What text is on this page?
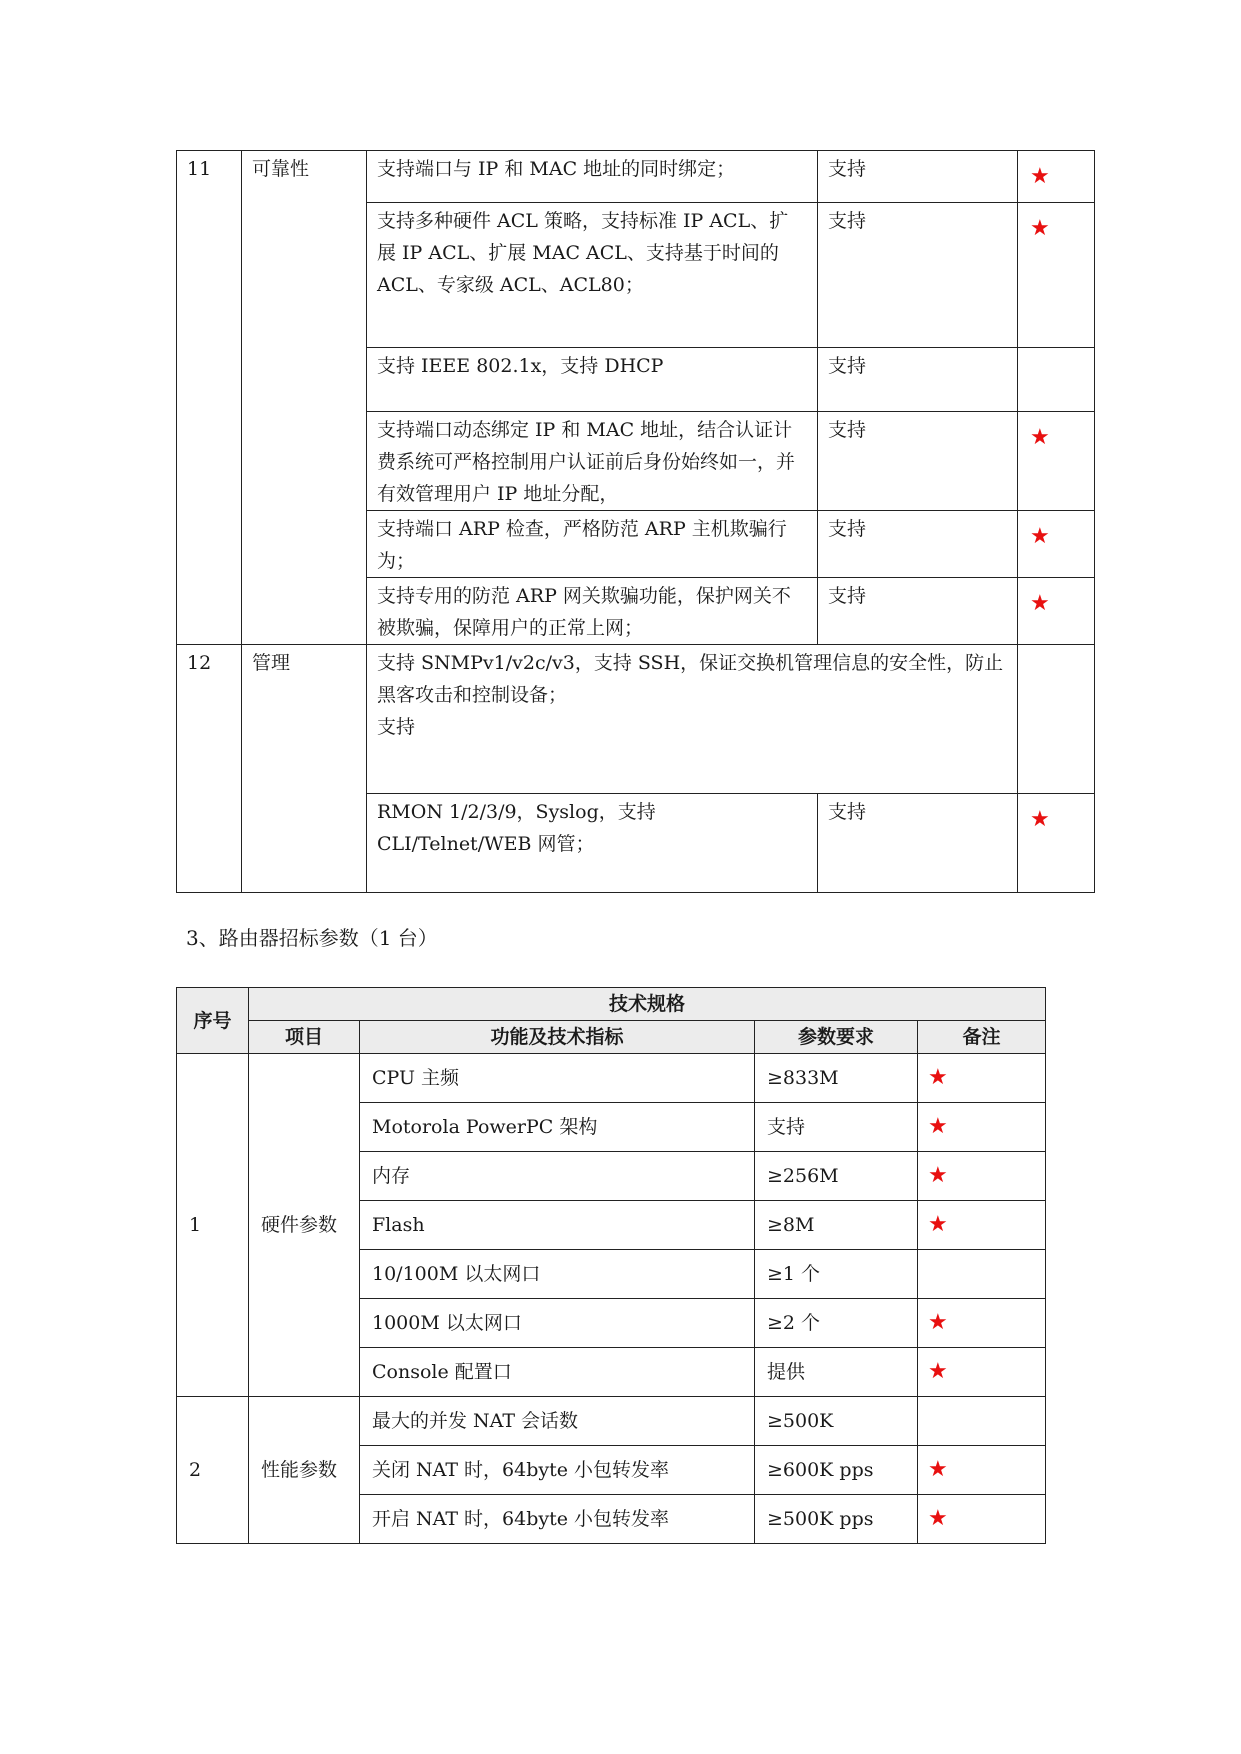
11	可靠性	支持端口与 IP 和 MAC 地址的同时绑定；	支持	★
		支持多种硬件 ACL 策略，支持标准 IP ACL、扩展 IP ACL、扩展 MAC ACL、支持基于时间的 ACL、专家级 ACL、ACL80；	支持	★
		支持 IEEE 802.1x，支持 DHCP	支持	
		支持端口动态绑定 IP 和 MAC 地址，结合认证计费系统可严格控制用户认证前后身份始终如一，并有效管理用户 IP 地址分配，	支持	★
		支持端口 ARP 检查，严格防范 ARP 主机欺骗行为；	支持	★
		支持专用的防范 ARP 网关欺骗功能，保护网关不被欺骗，保障用户的正常上网；	支持	★
12	管理	支持 SNMPv1/v2c/v3，支持 SSH，保证交换机管理信息的安全性，防止黑客攻击和控制设备；
支持		

		RMON 1/2/3/9，Syslog，支持 CLI/Telnet/WEB 网管；	支持	★
3、路由器招标参数（1 台）
序号	技术规格			
	项目	功能及技术指标	参数要求	备注
1	硬件参数	CPU 主频	≥833M	★
		Motorola PowerPC 架构	支持	★
		内存	≥256M	★
		Flash	≥8M	★
		10/100M 以太网口	≥1 个	
		1000M 以太网口	≥2 个	★
		Console 配置口	提供	★
2	性能参数	最大的并发 NAT 会话数	≥500K	
		关闭 NAT 时，64byte 小包转发率	≥600K pps	★
		开启 NAT 时，64byte 小包转发率	≥500K pps	★
